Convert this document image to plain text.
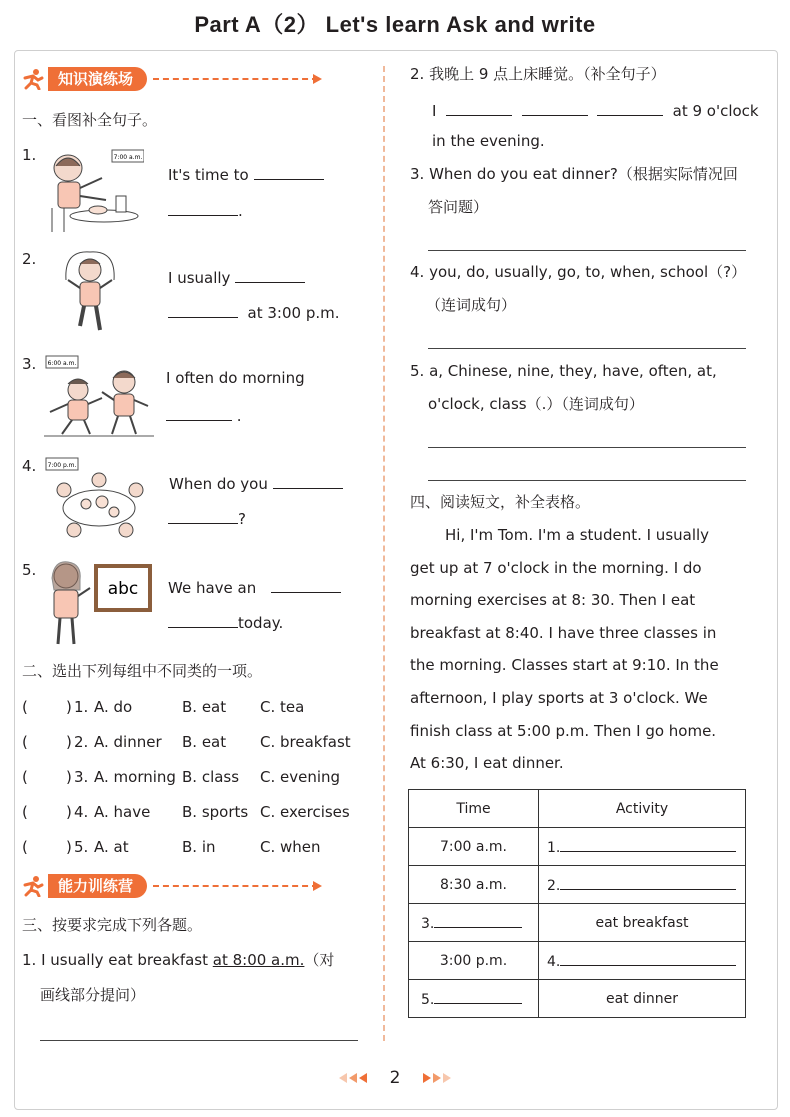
Part A（2） Let's learn Ask and write
知识演练场
一、看图补全句子。
1.	7:00 a.m.
It's time to
.
2.
I usually
at 3:00 p.m.
3. 6:00 a.m.
I often do morning
.
4. 7:00 p.m.
When do you
?
5.
abc We have an
today.
二、选出下列每组中不同类的一项。
(	) 1. A. do	B. eat C. tea
(	) 2. A. dinner B. eat C. breakfast
(	) 3. A. morning B. class C. evening
(	) 4. A. have B. sports C. exercises
(	) 5. A. at	B. in	C. when
能力训练营
三、按要求完成下列各题。
1. I usually eat breakfast at 8:00 a.m.（对
画线部分提问）
2. 我晚上 9 点上床睡觉。（补全句子）
I	at 9 o'clock
in the evening.
3. When do you eat dinner?（根据实际情况回
答问题）
4. you, do, usually, go, to, when, school（?）
（连词成句）
5. a, Chinese, nine, they, have, often, at,
o'clock, class（.）（连词成句）
四、阅读短文，补全表格。
Hi, I'm Tom. I'm a student. I usually
get up at 7 o'clock in the morning. I do
morning exercises at 8: 30. Then I eat
breakfast at 8:40. I have three classes in
the morning. Classes start at 9:10. In the
afternoon, I play sports at 3 o'clock. We
finish class at 5:00 p.m. Then I go home.
At 6:30, I eat dinner.
Time	Activity
7:00 a.m.	1.
8:30 a.m.	2.
3.	eat breakfast
3:00 p.m.	4.
5.	eat dinner
2
